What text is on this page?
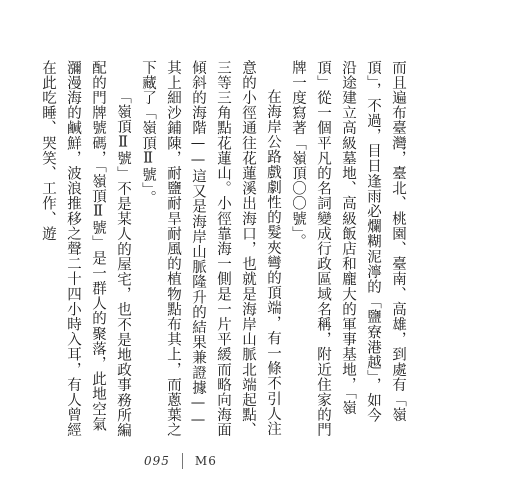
而且遍布臺灣，臺北、桃園、臺南、高雄，到處有「嶺頂」，不過，目日逢雨必爛糊泥濘的「鹽寮港越」，如今沿途建立高級墓地、高級飯店和龐大的軍事基地，「嶺頂」從一個平凡的名詞變成行政區域名稱，附近住家的門牌一度寫著「嶺頂〇〇號」。

在海岸公路戲劇性的髮夾彎的頂端，有一條不引人注意的小徑通往花蓮溪出海口，也就是海岸山脈北端起點、三等三角點花蓮山。小徑靠海一側是一片平緩而略向海面傾斜的海階——這又是海岸山脈隆升的結果兼證據——其上細沙鋪陳，耐鹽耐旱耐風的植物點布其上，而蔥葉之下藏了「嶺頂Ⅱ號」。

「嶺頂Ⅱ號」不是某人的屋宅，也不是地政事務所編配的門牌號碼，「嶺頂Ⅱ號」是一群人的聚落，此地空氣瀰漫海的鹹鮮，波浪推移之聲二十四小時入耳，有人曾經在此吃睡、哭笑、工作、遊

095 M6
